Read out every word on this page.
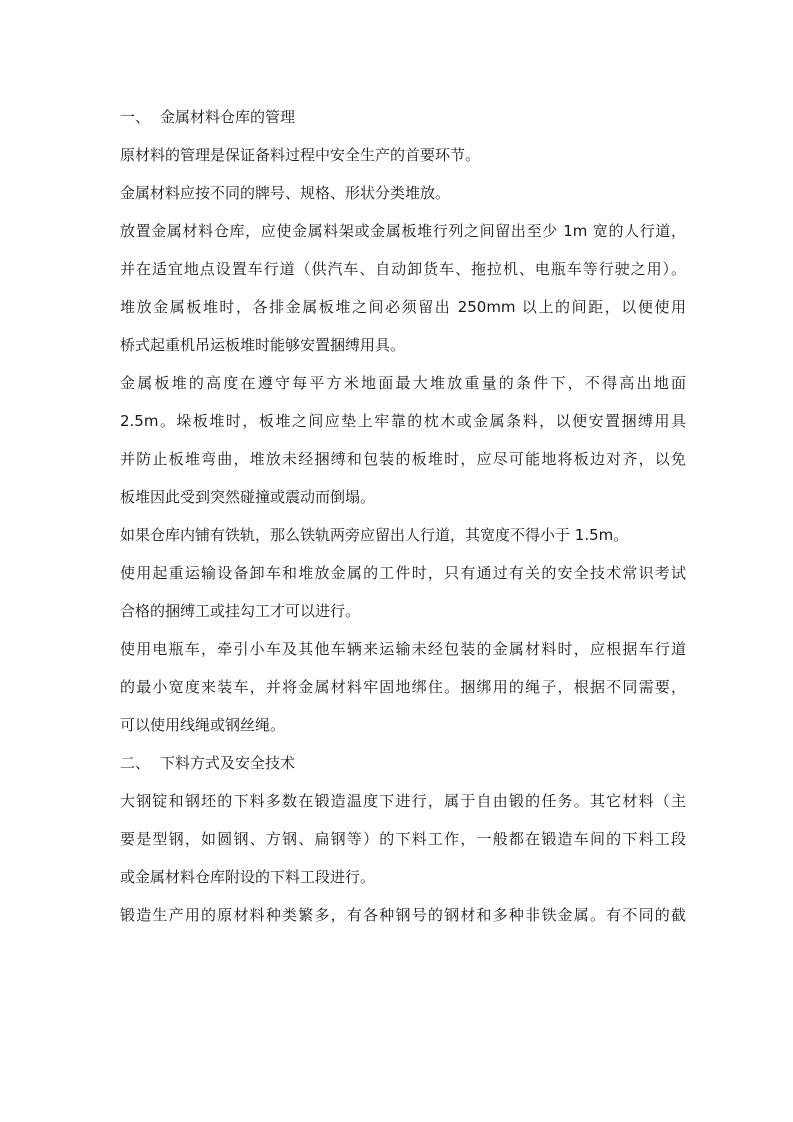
一、 金属材料仓库的管理
原材料的管理是保证备料过程中安全生产的首要环节。
金属材料应按不同的牌号、规格、形状分类堆放。
放置金属材料仓库，应使金属料架或金属板堆行列之间留出至少 1m 宽的人行道，
并在适宜地点设置车行道（供汽车、自动卸货车、拖拉机、电瓶车等行驶之用）。
堆放金属板堆时，各排金属板堆之间必须留出 250mm 以上的间距，以便使用
桥式起重机吊运板堆时能够安置捆缚用具。
金属板堆的高度在遵守每平方米地面最大堆放重量的条件下，不得高出地面
2.5m。垛板堆时，板堆之间应垫上牢靠的枕木或金属条料，以便安置捆缚用具
并防止板堆弯曲，堆放未经捆缚和包装的板堆时，应尽可能地将板边对齐，以免
板堆因此受到突然碰撞或震动而倒塌。
如果仓库内铺有铁轨，那么铁轨两旁应留出人行道，其宽度不得小于 1.5m。
使用起重运输设备卸车和堆放金属的工件时，只有通过有关的安全技术常识考试
合格的捆缚工或挂勾工才可以进行。
使用电瓶车，牵引小车及其他车辆来运输未经包装的金属材料时，应根据车行道
的最小宽度来装车，并将金属材料牢固地绑住。捆绑用的绳子，根据不同需要，
可以使用线绳或钢丝绳。
二、 下料方式及安全技术
大钢锭和钢坯的下料多数在锻造温度下进行，属于自由锻的任务。其它材料（主
要是型钢，如圆钢、方钢、扁钢等）的下料工作，一般都在锻造车间的下料工段
或金属材料仓库附设的下料工段进行。
锻造生产用的原材料种类繁多，有各种钢号的钢材和多种非铁金属。有不同的截
